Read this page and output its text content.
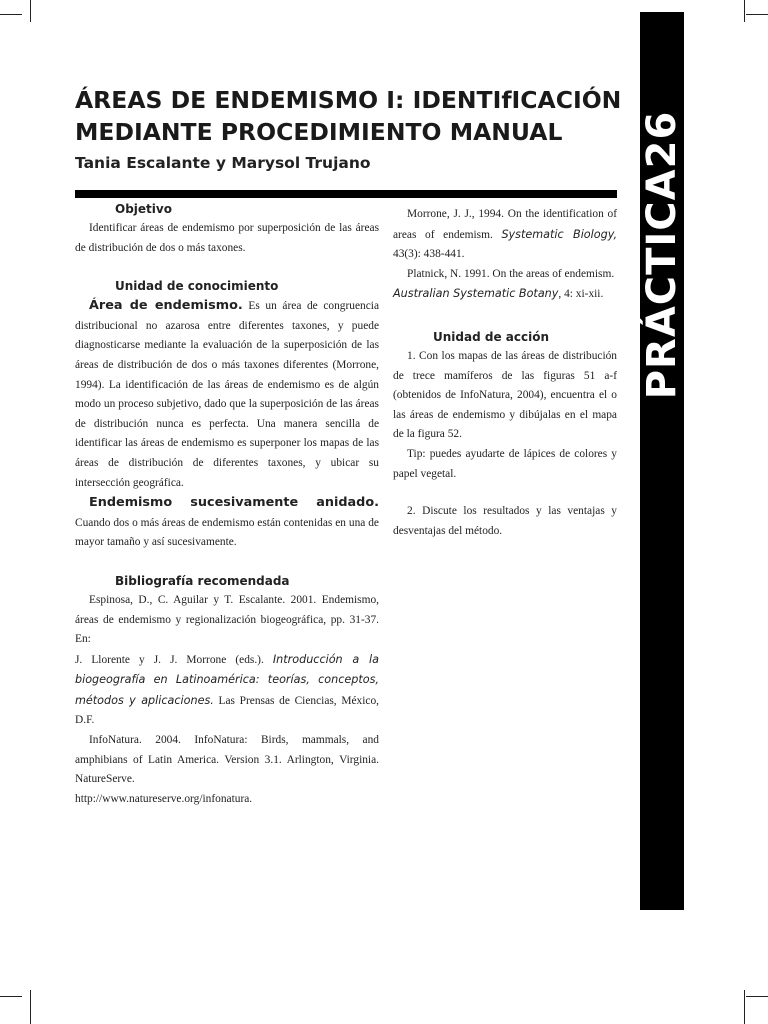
PRÁCTICA26
ÁREAS DE ENDEMISMO I: IDENTIfICACIÓN MEDIANTE PROCEDIMIENTO MANUAL

Tania Escalante y Marysol Trujano

Objetivo

Identificar áreas de endemismo por superposición de las áreas de distribución de dos o más taxones.

Unidad de conocimiento

Área de endemismo. Es un área de congruencia distribucional no azarosa entre diferentes taxones, y puede diagnosticarse mediante la evaluación de la superposición de las áreas de distribución de dos o más taxones diferentes (Morrone, 1994). La identificación de las áreas de endemismo es de algún modo un proceso subjetivo, dado que la superposición de las áreas de distribución nunca es perfecta. Una manera sencilla de identificar las áreas de endemismo es superponer los mapas de las áreas de distribución de diferentes taxones, y ubicar su intersección geográfica.

Endemismo sucesivamente anidado. Cuando dos o más áreas de endemismo están contenidas en una de mayor tamaño y así sucesivamente.

Bibliografía recomendada

Espinosa, D., C. Aguilar y T. Escalante. 2001. Endemismo, áreas de endemismo y regionalización biogeográfica, pp. 31-37. En:

J. Llorente y J. J. Morrone (eds.). Introducción a la biogeografía en Latinoamérica: teorías, conceptos, métodos y aplicaciones. Las Prensas de Ciencias, México, D.F.

InfoNatura. 2004. InfoNatura: Birds, mammals, and amphibians of Latin America. Version 3.1. Arlington, Virginia. NatureServe.

http://www.natureserve.org/infonatura.

Morrone, J. J., 1994. On the identification of areas of endemism. Systematic Biology, 43(3): 438-441.

Platnick, N. 1991. On the areas of endemism.

Australian Systematic Botany, 4: xi-xii.

Unidad de acción

1. Con los mapas de las áreas de distribución de trece mamíferos de las figuras 51 a-f (obtenidos de InfoNatura, 2004), encuentra el o las áreas de endemismo y dibújalas en el mapa de la figura 52.

Tip: puedes ayudarte de lápices de colores y papel vegetal.

2. Discute los resultados y las ventajas y desventajas del método.
